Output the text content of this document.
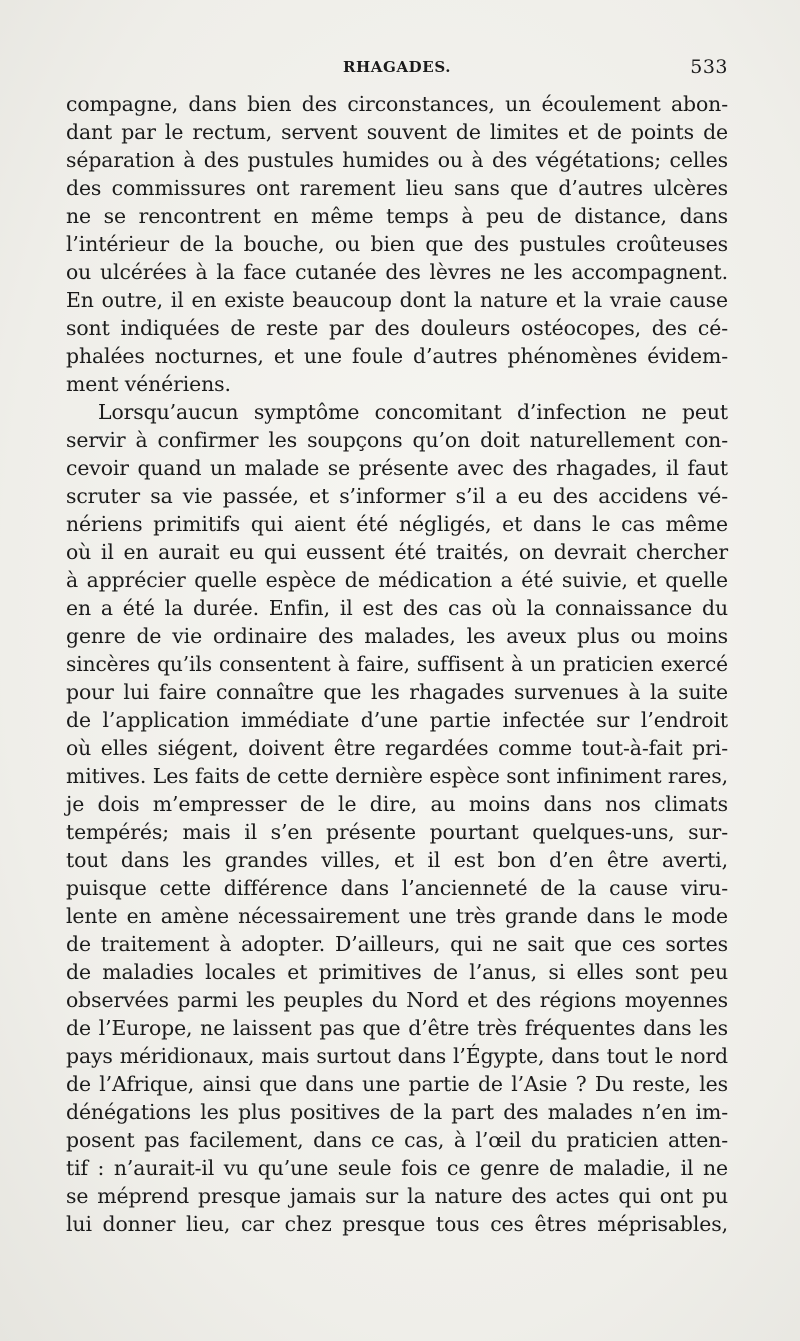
RHAGADES.	533
compagne, dans bien des circonstances, un écoulement abon-
dant par le rectum, servent souvent de limites et de points de
séparation à des pustules humides ou à des végétations; celles
des commissures ont rarement lieu sans que d’autres ulcères
ne se rencontrent en même temps à peu de distance, dans
l’intérieur de la bouche, ou bien que des pustules croûteuses
ou ulcérées à la face cutanée des lèvres ne les accompagnent.
En outre, il en existe beaucoup dont la nature et la vraie cause
sont indiquées de reste par des douleurs ostéocopes, des cé-
phalées nocturnes, et une foule d’autres phénomènes évidem-
ment vénériens.
Lorsqu’aucun symptôme concomitant d’infection ne peut
servir à confirmer les soupçons qu’on doit naturellement con-
cevoir quand un malade se présente avec des rhagades, il faut
scruter sa vie passée, et s’informer s’il a eu des accidens vé-
nériens primitifs qui aient été négligés, et dans le cas même
où il en aurait eu qui eussent été traités, on devrait chercher
à apprécier quelle espèce de médication a été suivie, et quelle
en a été la durée. Enfin, il est des cas où la connaissance du
genre de vie ordinaire des malades, les aveux plus ou moins
sincères qu’ils consentent à faire, suffisent à un praticien exercé
pour lui faire connaître que les rhagades survenues à la suite
de l’application immédiate d’une partie infectée sur l’endroit
où elles siégent, doivent être regardées comme tout-à-fait pri-
mitives. Les faits de cette dernière espèce sont infiniment rares,
je dois m’empresser de le dire, au moins dans nos climats
tempérés; mais il s’en présente pourtant quelques-uns, sur-
tout dans les grandes villes, et il est bon d’en être averti,
puisque cette différence dans l’ancienneté de la cause viru-
lente en amène nécessairement une très grande dans le mode
de traitement à adopter. D’ailleurs, qui ne sait que ces sortes
de maladies locales et primitives de l’anus, si elles sont peu
observées parmi les peuples du Nord et des régions moyennes
de l’Europe, ne laissent pas que d’être très fréquentes dans les
pays méridionaux, mais surtout dans l’Égypte, dans tout le nord
de l’Afrique, ainsi que dans une partie de l’Asie ? Du reste, les
dénégations les plus positives de la part des malades n’en im-
posent pas facilement, dans ce cas, à l’œil du praticien atten-
tif : n’aurait-il vu qu’une seule fois ce genre de maladie, il ne
se méprend presque jamais sur la nature des actes qui ont pu
lui donner lieu, car chez presque tous ces êtres méprisables,
